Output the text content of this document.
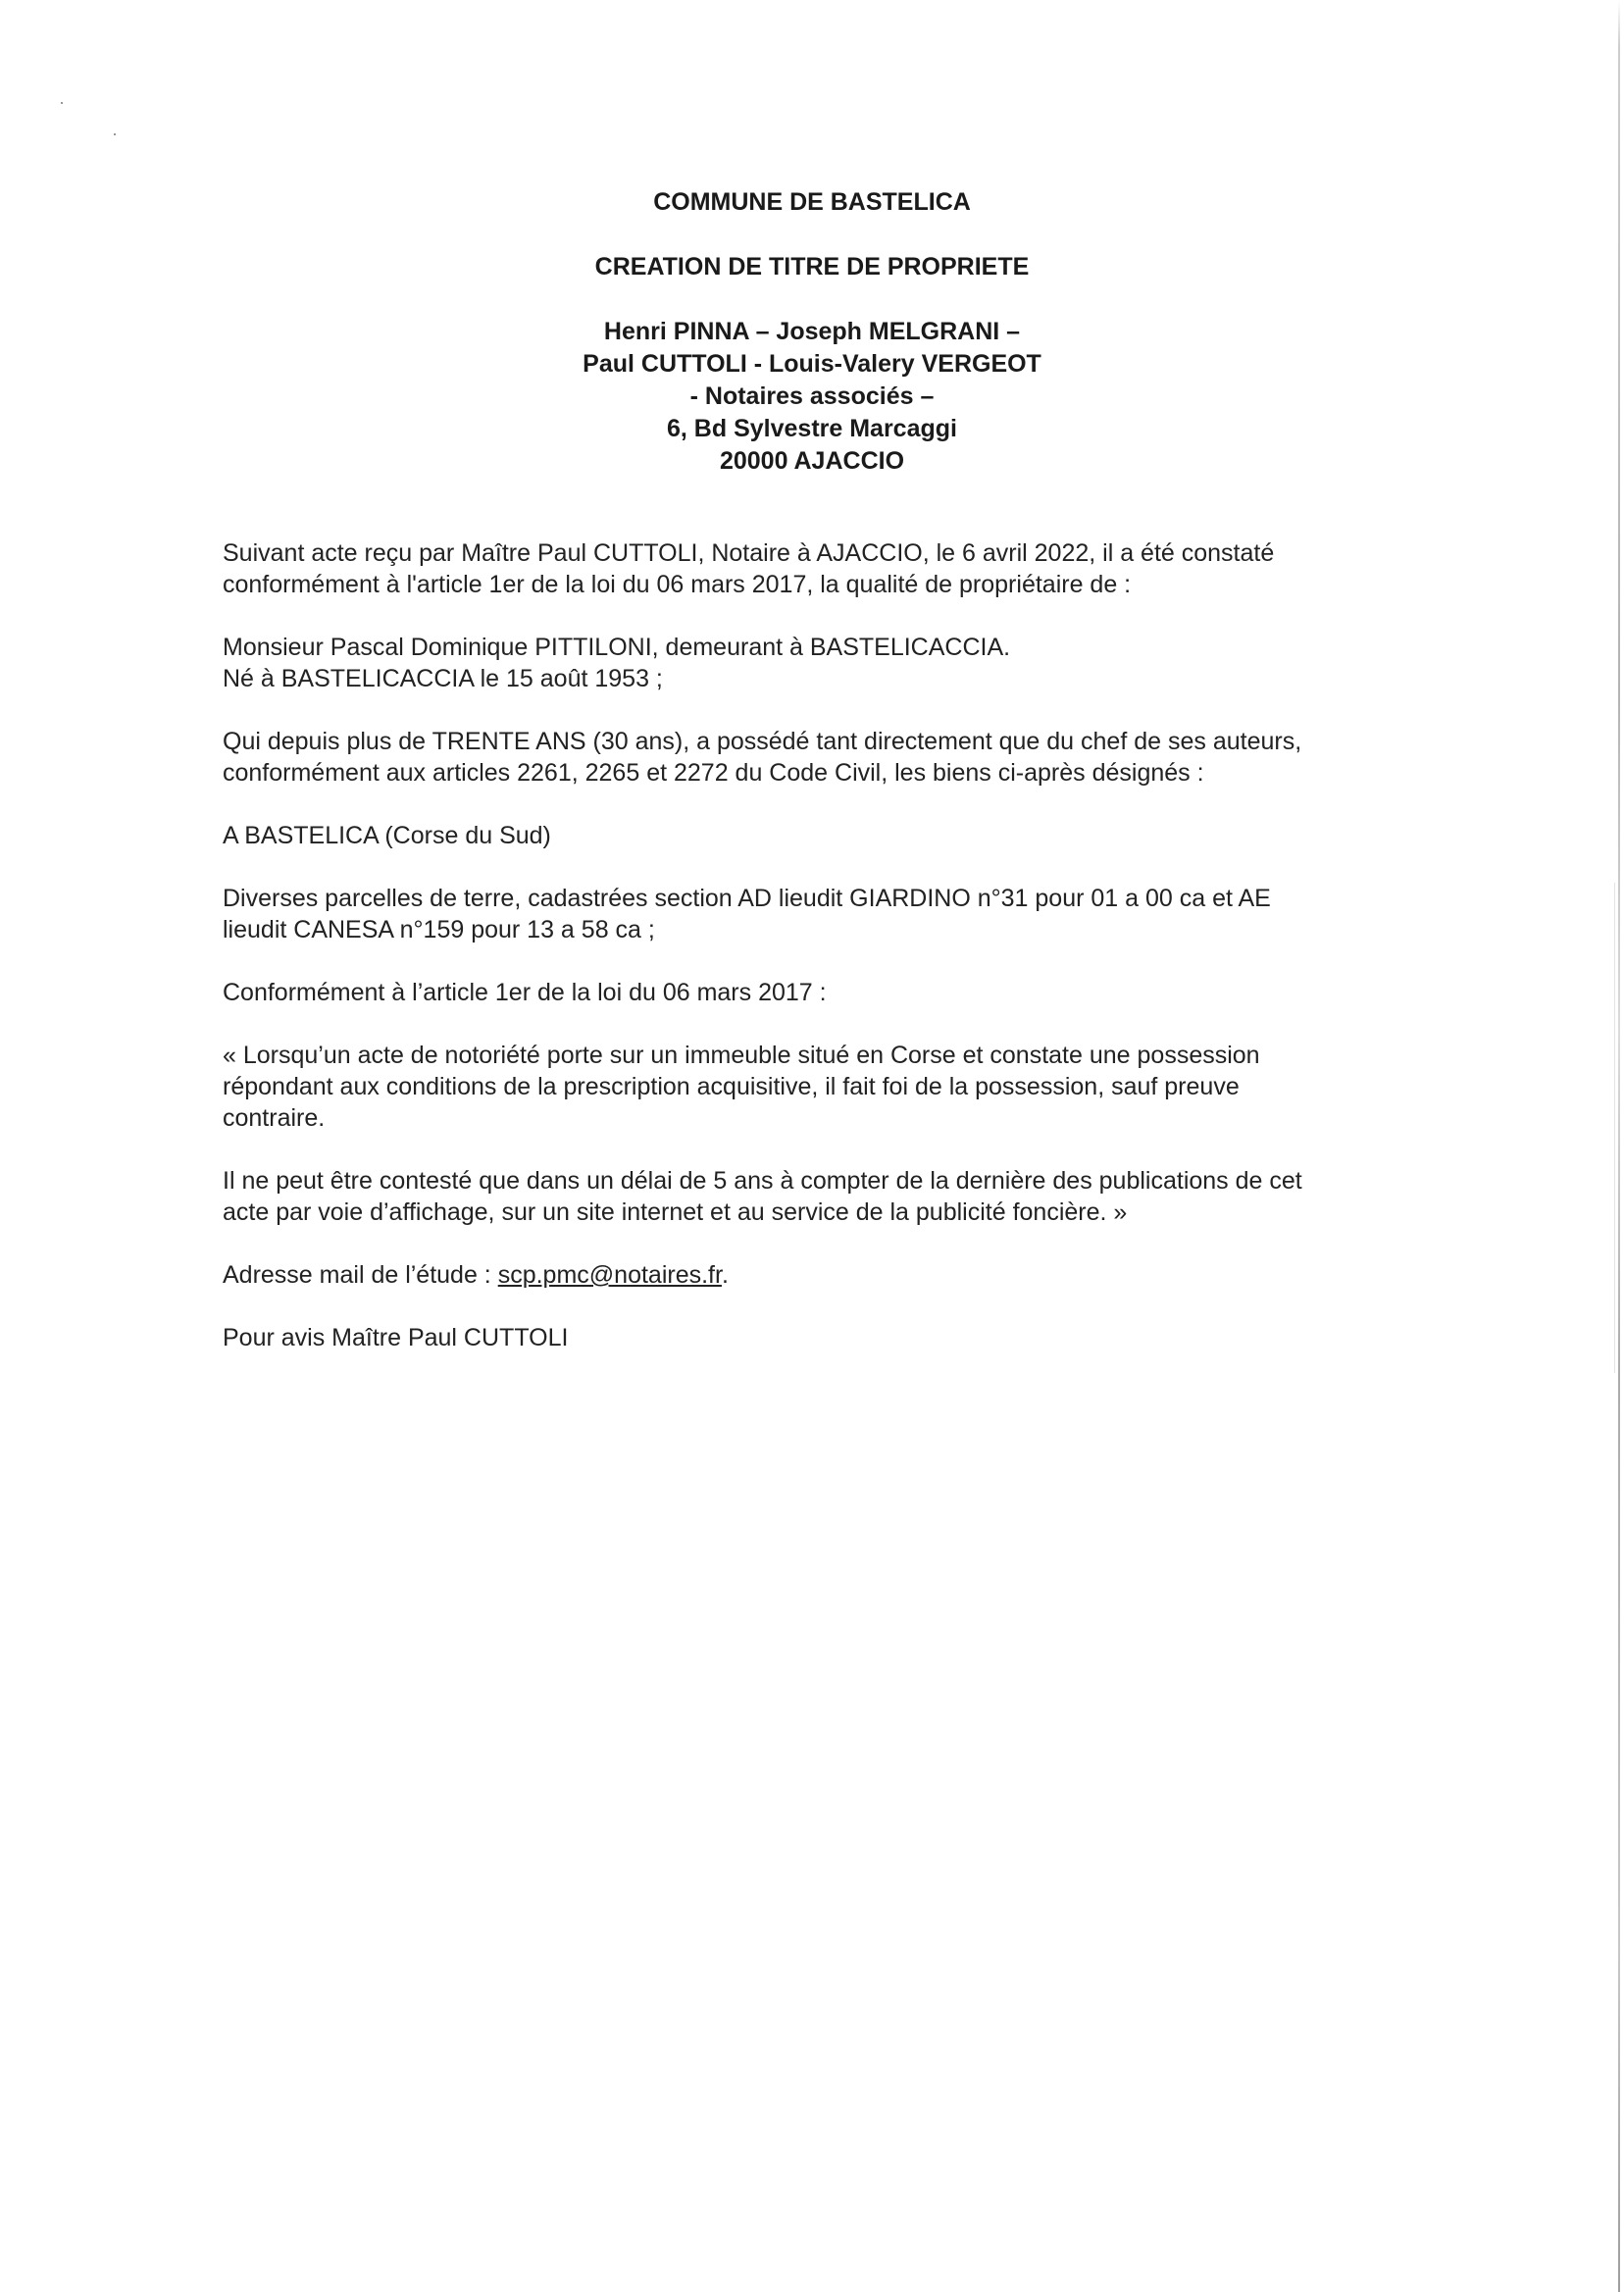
COMMUNE DE BASTELICA
CREATION DE TITRE DE PROPRIETE
Henri PINNA – Joseph MELGRANI –
Paul CUTTOLI - Louis-Valery VERGEOT
- Notaires associés –
6, Bd Sylvestre Marcaggi
20000 AJACCIO

Suivant acte reçu par Maître Paul CUTTOLI, Notaire à AJACCIO, le 6 avril 2022, il a été constaté

conformément à l'article 1er de la loi du 06 mars 2017, la qualité de propriétaire de :

Monsieur Pascal Dominique PITTILONI, demeurant à BASTELICACCIA.

Né à BASTELICACCIA le 15 août 1953 ;

Qui depuis plus de TRENTE ANS (30 ans), a possédé tant directement que du chef de ses auteurs,

conformément aux articles 2261, 2265 et 2272 du Code Civil, les biens ci-après désignés :

A BASTELICA (Corse du Sud)

Diverses parcelles de terre, cadastrées section AD lieudit GIARDINO n°31 pour 01 a 00 ca et AE

lieudit CANESA n°159 pour 13 a 58 ca ;

Conformément à l’article 1er de la loi du 06 mars 2017 :

« Lorsqu’un acte de notoriété porte sur un immeuble situé en Corse et constate une possession

répondant aux conditions de la prescription acquisitive, il fait foi de la possession, sauf preuve

contraire.

Il ne peut être contesté que dans un délai de 5 ans à compter de la dernière des publications de cet

acte par voie d’affichage, sur un site internet et au service de la publicité foncière. »

Adresse mail de l’étude : scp.pmc@notaires.fr.

Pour avis Maître Paul CUTTOLI
